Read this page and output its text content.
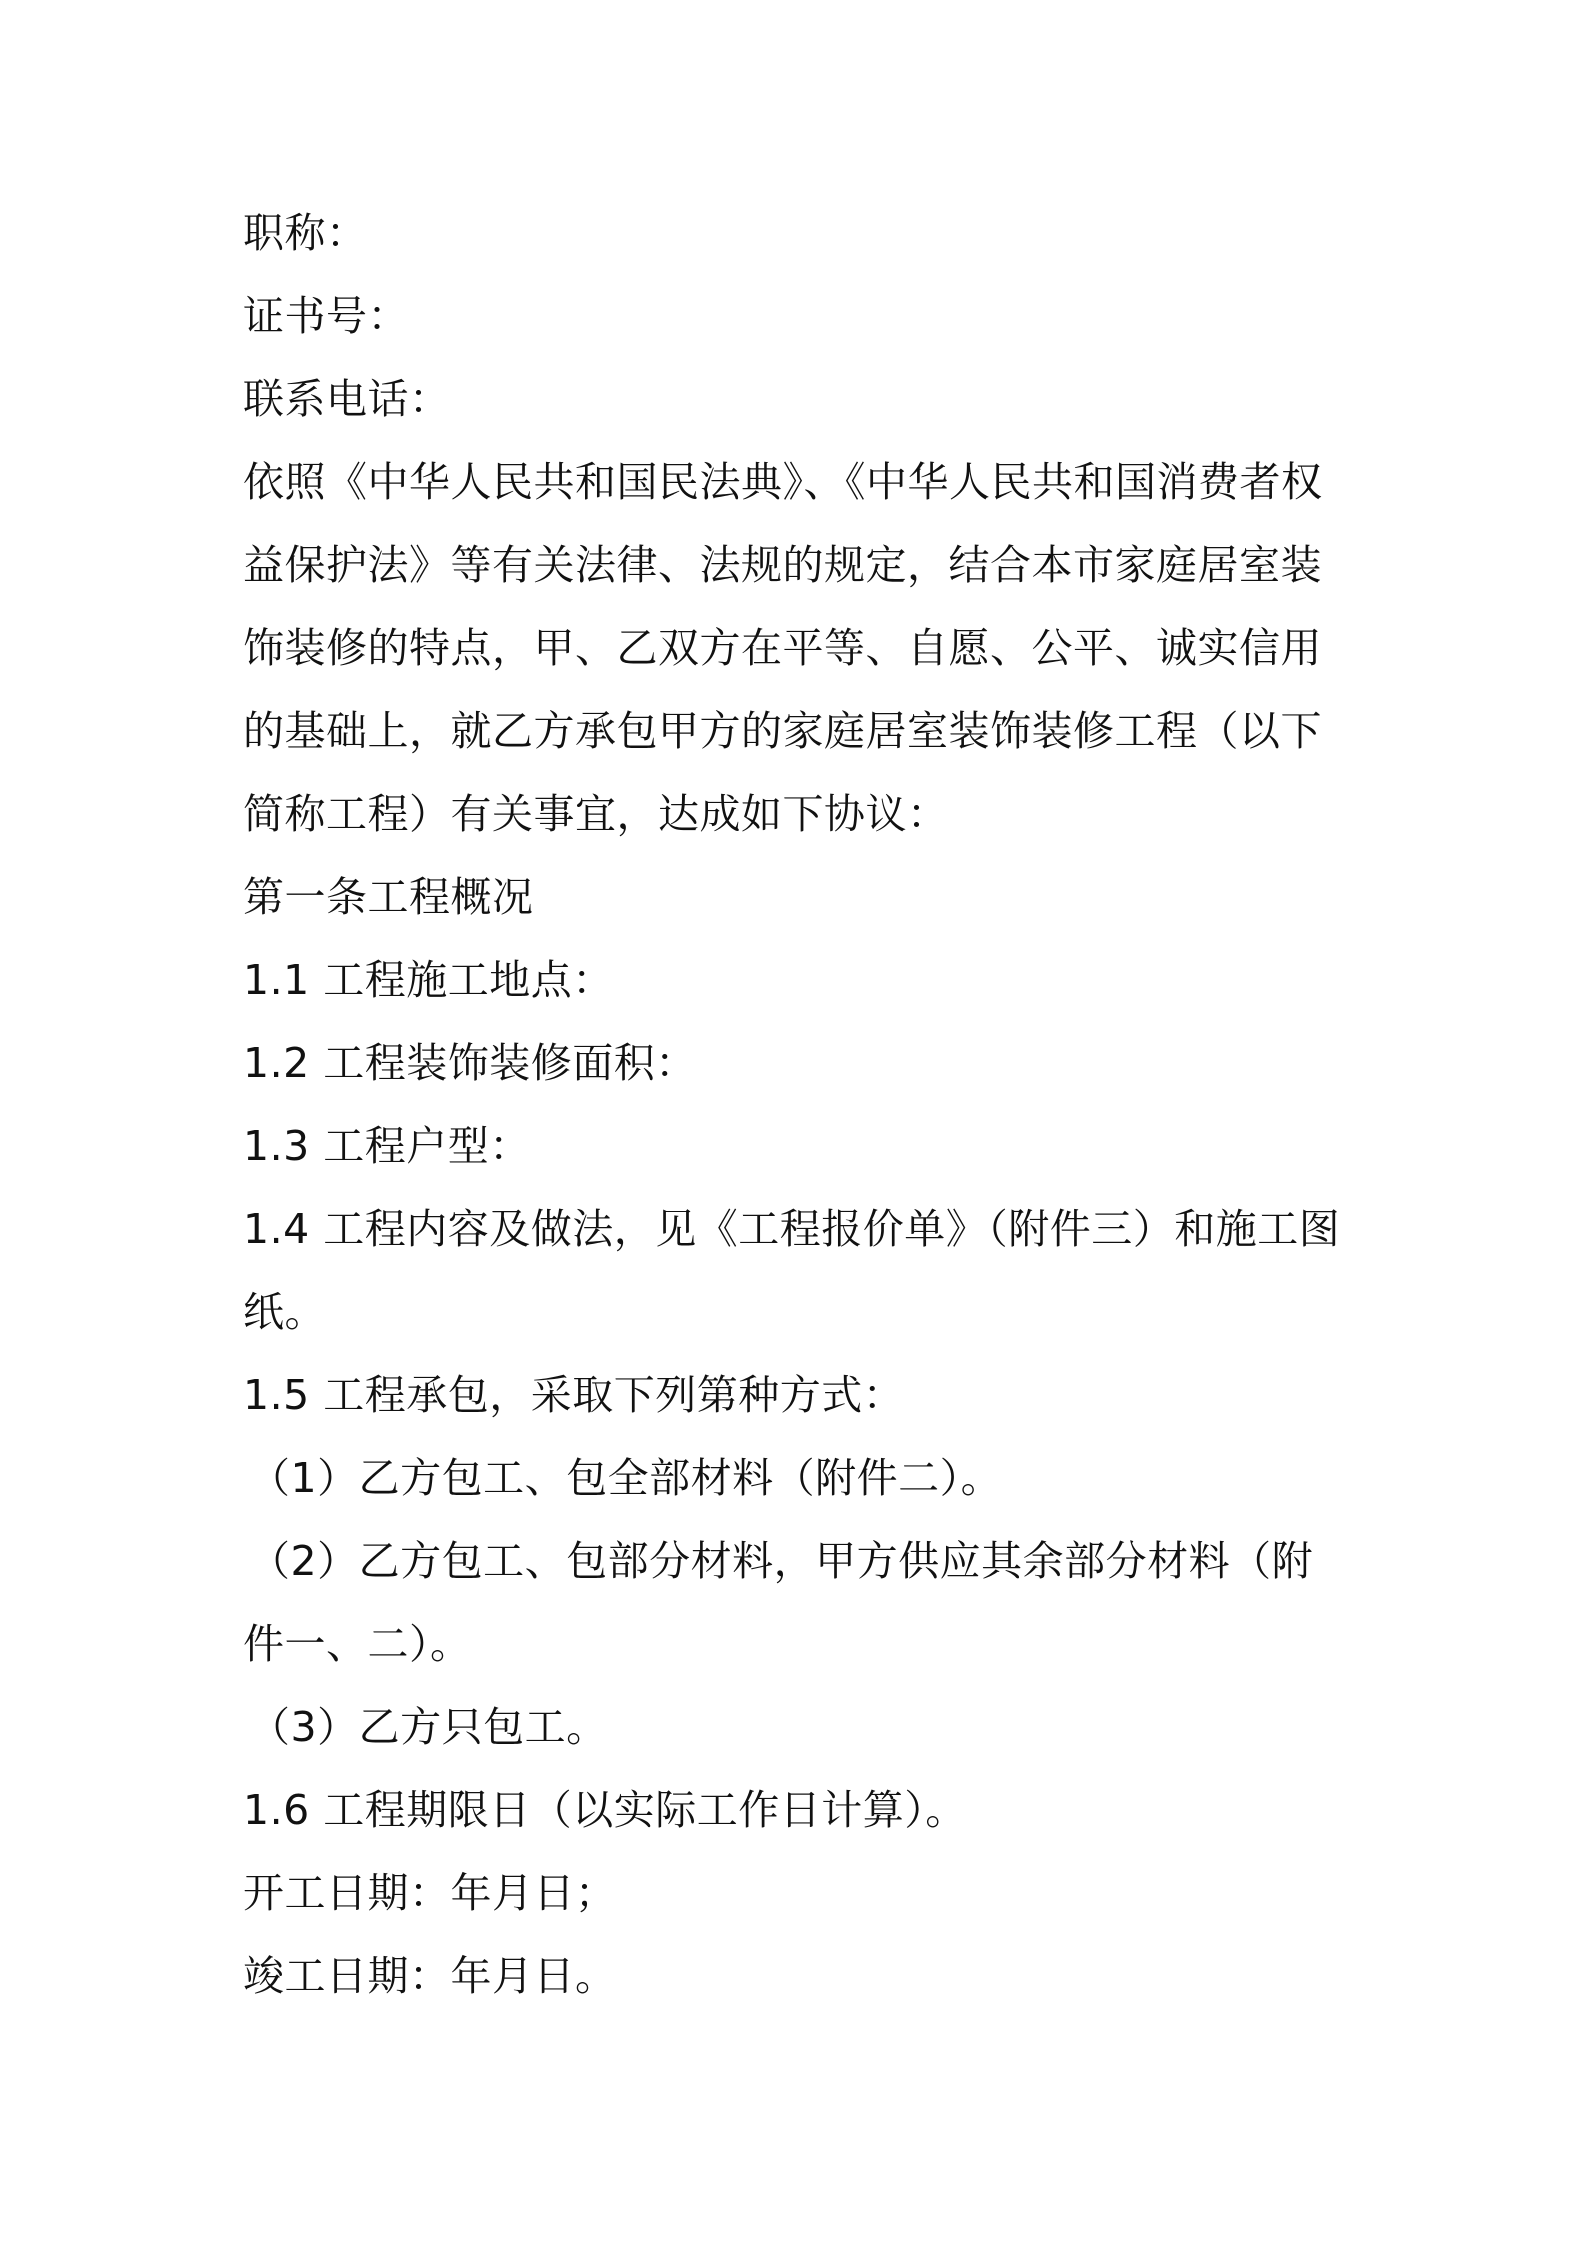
职称：
证书号：
联系电话：
依照《中华人民共和国民法典》、《中华人民共和国消费者权
益保护法》等有关法律、法规的规定，结合本市家庭居室装
饰装修的特点，甲、乙双方在平等、自愿、公平、诚实信用
的基础上，就乙方承包甲方的家庭居室装饰装修工程（以下
简称工程）有关事宜，达成如下协议：
第一条工程概况
1.1 工程施工地点：
1.2 工程装饰装修面积：
1.3 工程户型：
1.4 工程内容及做法，见《工程报价单》（附件三）和施工图
纸。
1.5 工程承包，采取下列第种方式：
（1）乙方包工、包全部材料（附件二）。
（2）乙方包工、包部分材料，甲方供应其余部分材料（附
件一、二）。
（3）乙方只包工。
1.6 工程期限日（以实际工作日计算）。
开工日期：年月日；
竣工日期：年月日。
